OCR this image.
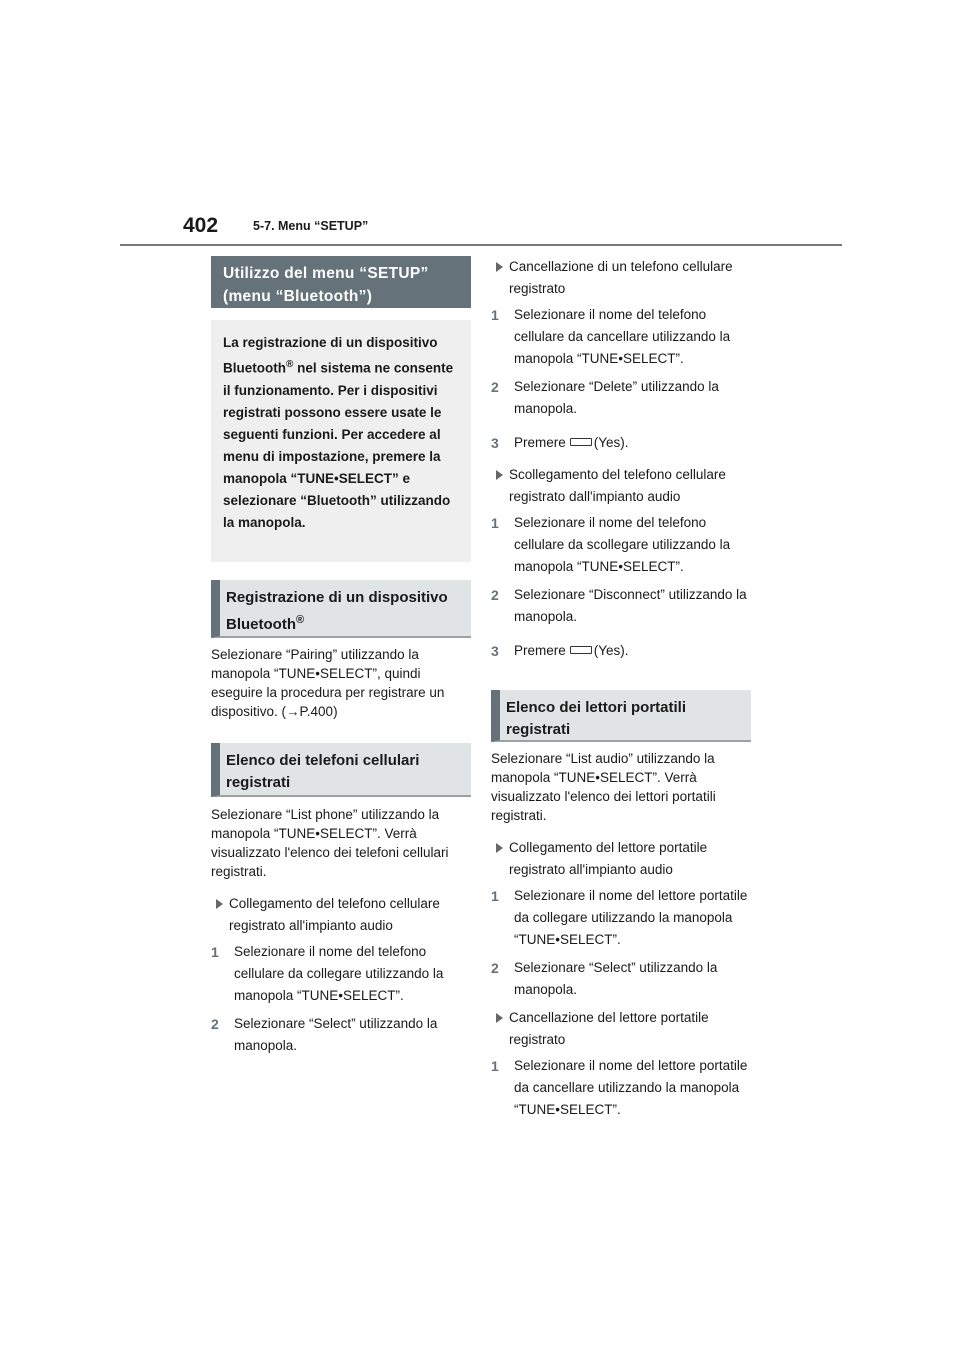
402	5-7. Menu “SETUP”
Utilizzo del menu “SETUP” (menu “Bluetooth”)
La registrazione di un dispositivo Bluetooth® nel sistema ne consente il funzionamento. Per i dispositivi registrati possono essere usate le seguenti funzioni. Per accedere al menu di impostazione, premere la manopola “TUNE•SELECT” e selezionare “Bluetooth” utilizzando la manopola.
Registrazione di un dispositivo Bluetooth®
Selezionare “Pairing” utilizzando la manopola “TUNE•SELECT”, quindi eseguire la procedura per registrare un dispositivo. (→P.400)
Elenco dei telefoni cellulari registrati
Selezionare “List phone” utilizzando la manopola “TUNE•SELECT”. Verrà visualizzato l'elenco dei telefoni cellulari registrati.
Collegamento del telefono cellulare registrato all'impianto audio
1 Selezionare il nome del telefono cellulare da collegare utilizzando la manopola “TUNE•SELECT”.
2 Selezionare “Select” utilizzando la manopola.
Cancellazione di un telefono cellulare registrato
1 Selezionare il nome del telefono cellulare da cancellare utilizzando la manopola “TUNE•SELECT”.
2 Selezionare “Delete” utilizzando la manopola.
3 Premere (Yes).
Scollegamento del telefono cellulare registrato dall'impianto audio
1 Selezionare il nome del telefono cellulare da scollegare utilizzando la manopola “TUNE•SELECT”.
2 Selezionare “Disconnect” utilizzando la manopola.
3 Premere (Yes).
Elenco dei lettori portatili registrati
Selezionare “List audio” utilizzando la manopola “TUNE•SELECT”. Verrà visualizzato l'elenco dei lettori portatili registrati.
Collegamento del lettore portatile registrato all'impianto audio
1 Selezionare il nome del lettore portatile da collegare utilizzando la manopola “TUNE•SELECT”.
2 Selezionare “Select” utilizzando la manopola.
Cancellazione del lettore portatile registrato
1 Selezionare il nome del lettore portatile da cancellare utilizzando la manopola “TUNE•SELECT”.
